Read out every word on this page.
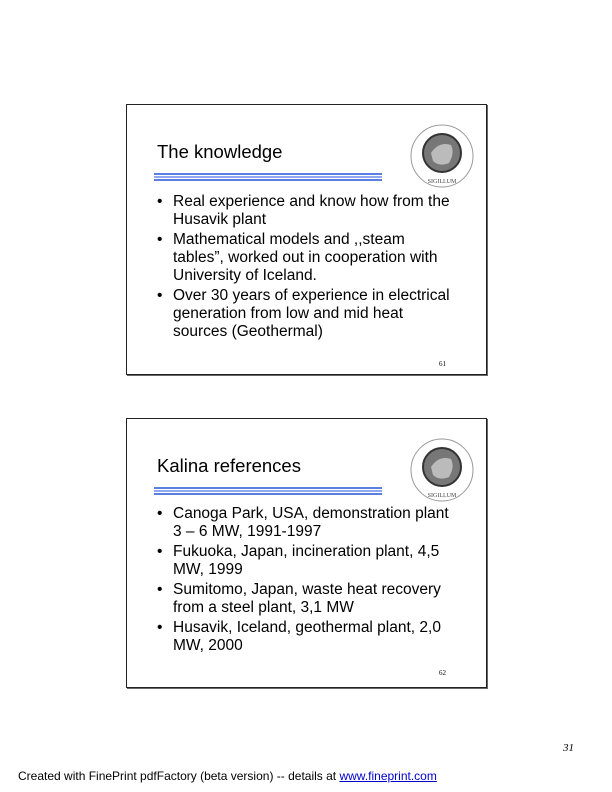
The knowledge
SIGILLUM
• Real experience and know how from the
Husavik plant
• Mathematical models and ,,steam
tables”, worked out in cooperation with
University of Iceland.
• Over 30 years of experience in electrical
generation from low and mid heat
sources (Geothermal)
61
Kalina references
SIGILLUM
• Canoga Park, USA, demonstration plant
3 – 6 MW, 1991-1997
• Fukuoka, Japan, incineration plant, 4,5
MW, 1999
• Sumitomo, Japan, waste heat recovery
from a steel plant, 3,1 MW
• Husavik, Iceland, geothermal plant, 2,0
MW, 2000
62
31
Created with FinePrint pdfFactory (beta version) -- details at www.fineprint.com
